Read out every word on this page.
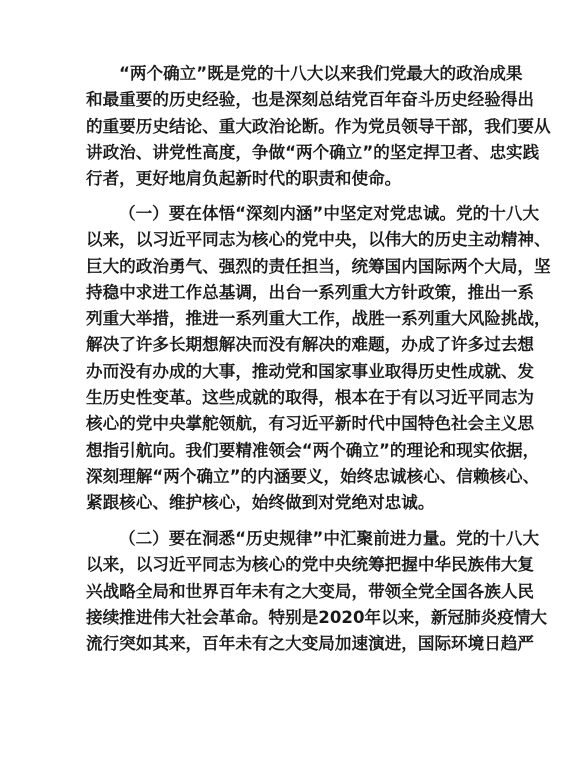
“两个确立”既是党的十八大以来我们党最大的政治成果
和最重要的历史经验，也是深刻总结党百年奋斗历史经验得出
的重要历史结论、重大政治论断。作为党员领导干部，我们要从
讲政治、讲党性高度，争做“两个确立”的坚定捍卫者、忠实践
行者，更好地肩负起新时代的职责和使命。
（一）要在体悟“深刻内涵”中坚定对党忠诚。党的十八大
以来，以习近平同志为核心的党中央，以伟大的历史主动精神、
巨大的政治勇气、强烈的责任担当，统筹国内国际两个大局，坚
持稳中求进工作总基调，出台一系列重大方针政策，推出一系
列重大举措，推进一系列重大工作，战胜一系列重大风险挑战，
解决了许多长期想解决而没有解决的难题，办成了许多过去想
办而没有办成的大事，推动党和国家事业取得历史性成就、发
生历史性变革。这些成就的取得，根本在于有以习近平同志为
核心的党中央掌舵领航，有习近平新时代中国特色社会主义思
想指引航向。我们要精准领会“两个确立”的理论和现实依据，
深刻理解“两个确立”的内涵要义，始终忠诚核心、信赖核心、
紧跟核心、维护核心，始终做到对党绝对忠诚。
（二）要在洞悉“历史规律”中汇聚前进力量。党的十八大
以来，以习近平同志为核心的党中央统筹把握中华民族伟大复
兴战略全局和世界百年未有之大变局，带领全党全国各族人民
接续推进伟大社会革命。特别是2020年以来，新冠肺炎疫情大
流行突如其来，百年未有之大变局加速演进，国际环境日趋严
